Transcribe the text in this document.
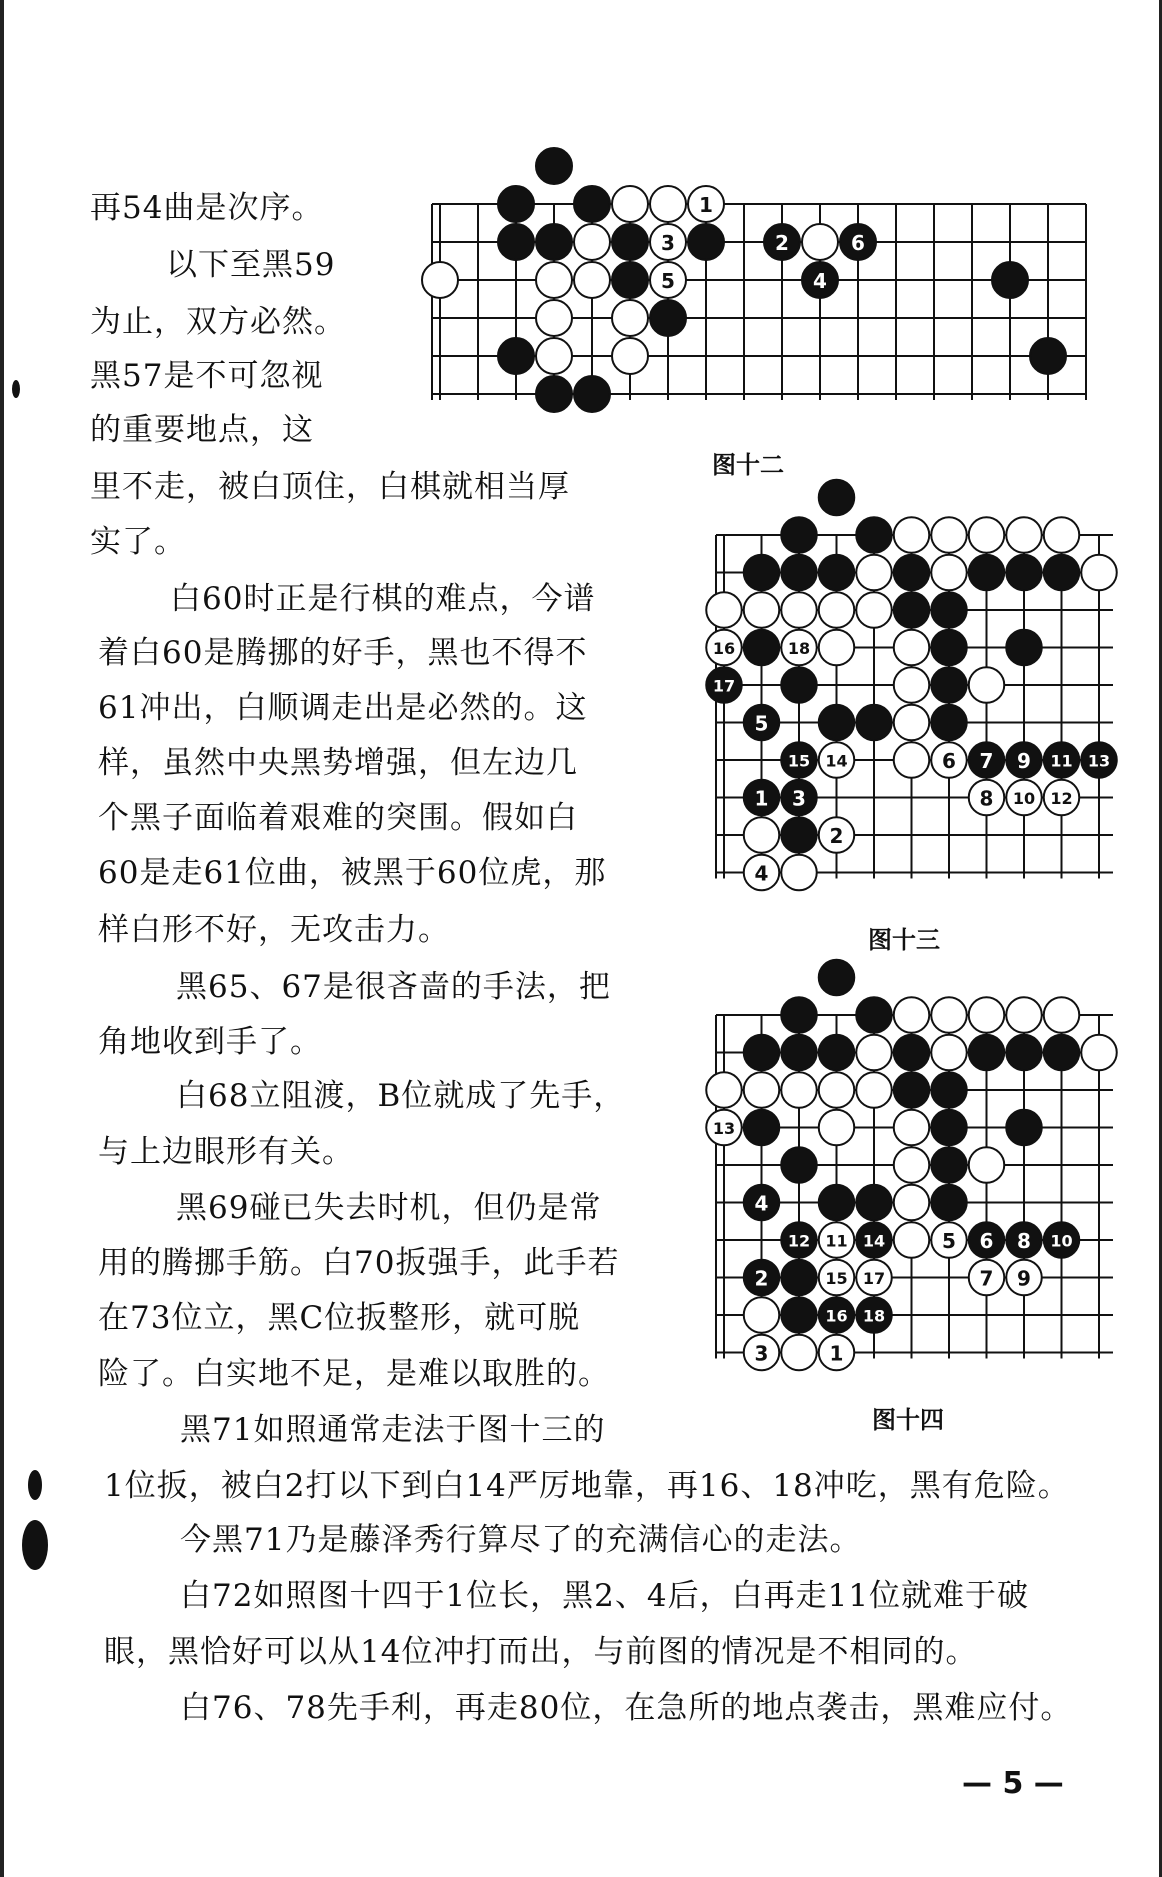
再54曲是次序。
以下至黑59
为止，双方必然。
黑57是不可忽视
的重要地点，这
里不走，被白顶住，白棋就相当厚
实了。
白60时正是行棋的难点，今谱
着白60是腾挪的好手，黑也不得不
61冲出，白顺调走出是必然的。这
样，虽然中央黑势增强，但左边几
个黑子面临着艰难的突围。假如白
60是走61位曲，被黑于60位虎，那
样白形不好，无攻击力。
黑65、67是很吝啬的手法，把
角地收到手了。
白68立阻渡，B位就成了先手，
与上边眼形有关。
黑69碰已失去时机，但仍是常
用的腾挪手筋。白70扳强手，此手若
在73位立，黑C位扳整形，就可脱
险了。白实地不足，是难以取胜的。
黑71如照通常走法于图十三的
1位扳，被白2打以下到白14严厉地靠，再16、18冲吃，黑有危险。
今黑71乃是藤泽秀行算尽了的充满信心的走法。
白72如照图十四于1位长，黑2、4后，白再走11位就难于破
眼，黑恰好可以从14位冲打而出，与前图的情况是不相同的。
白76、78先手利，再走80位，在急所的地点袭击，黑难应付。
1
3	2	6
5	4
图十二
16	18
17
5
15 14	6 7 9 11 13
1 3	8 10 12
2
4
图十三
13
4
12 11 14	5 6 8 10
2	15 17	7 9
16 18
3	1
图十四
— 5 —
